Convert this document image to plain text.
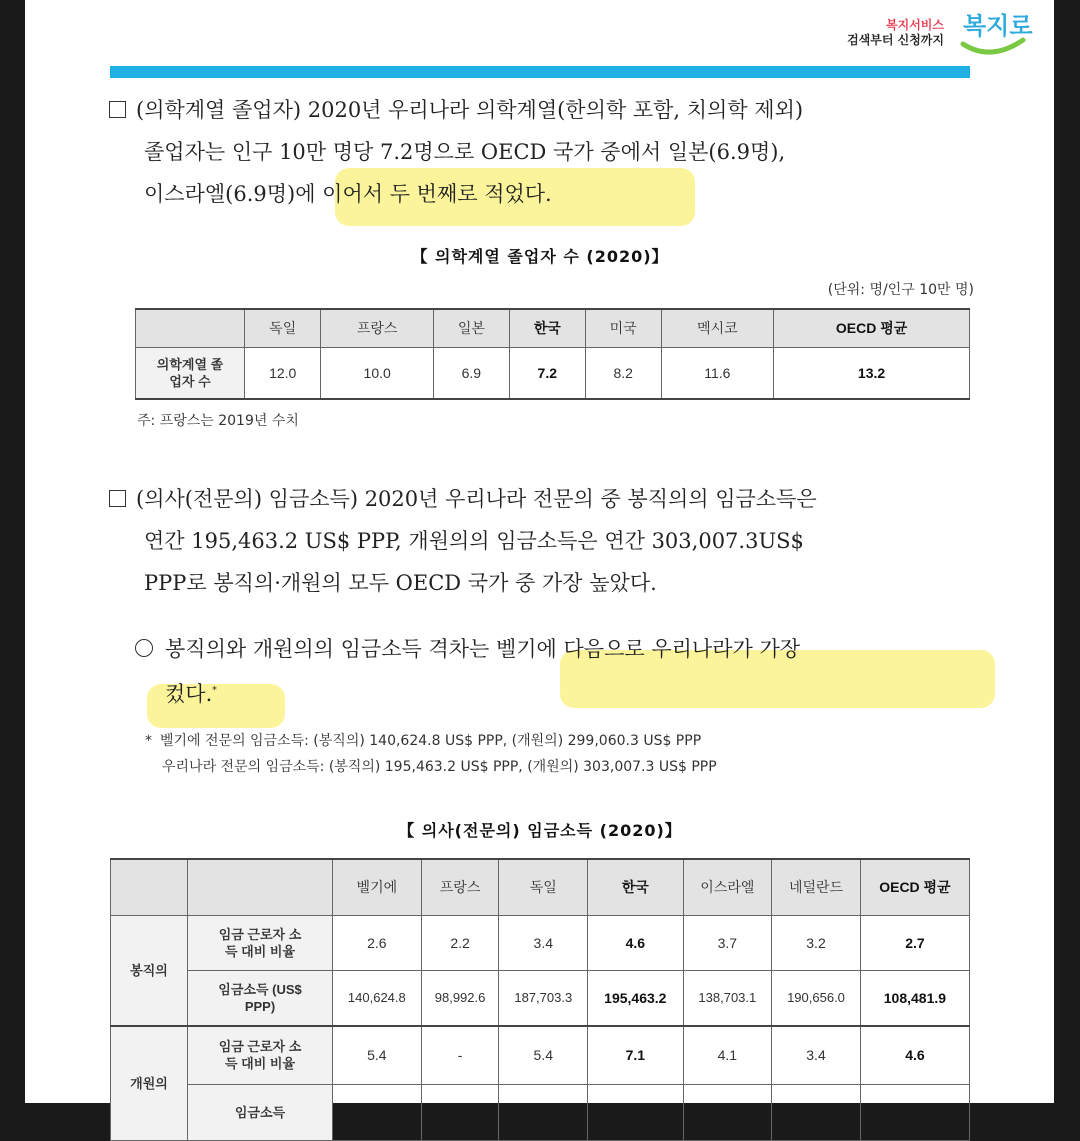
복지서비스
검색부터 신청까지 복지로
(의학계열 졸업자) 2020년 우리나라 의학계열(한의학 포함, 치의학 제외)
졸업자는 인구 10만 명당 7.2명으로 OECD 국가 중에서 일본(6.9명),
이스라엘(6.9명)에 이어서 두 번째로 적었다.
【 의학계열 졸업자 수 (2020)】
(단위: 명/인구 10만 명)
	독일	프랑스	일본	한국	미국	멕시코	OECD 평균
의학계열 졸업자 수	12.0	10.0	6.9	7.2	8.2	11.6	13.2
주: 프랑스는 2019년 수치
(의사(전문의) 임금소득) 2020년 우리나라 전문의 중 봉직의의 임금소득은
연간 195,463.2 US$ PPP, 개원의의 임금소득은 연간 303,007.3US$
PPP로 봉직의·개원의 모두 OECD 국가 중 가장 높았다.
봉직의와 개원의의 임금소득 격차는 벨기에 다음으로 우리나라가 가장
컸다.*
* 벨기에 전문의 임금소득: (봉직의) 140,624.8 US$ PPP, (개원의) 299,060.3 US$ PPP
우리나라 전문의 임금소득: (봉직의) 195,463.2 US$ PPP, (개원의) 303,007.3 US$ PPP
【 의사(전문의) 임금소득 (2020)】
		벨기에	프랑스	독일	한국	이스라엘	네덜란드	OECD 평균
봉직의	임금 근로자 소득 대비 비율	2.6	2.2	3.4	4.6	3.7	3.2	2.7
	임금소득 (US$ PPP)	140,624.8	98,992.6	187,703.3	195,463.2	138,703.1	190,656.0	108,481.9
개원의	임금 근로자 소득 대비 비율	5.4	-	5.4	7.1	4.1	3.4	4.6
	임금소득							
